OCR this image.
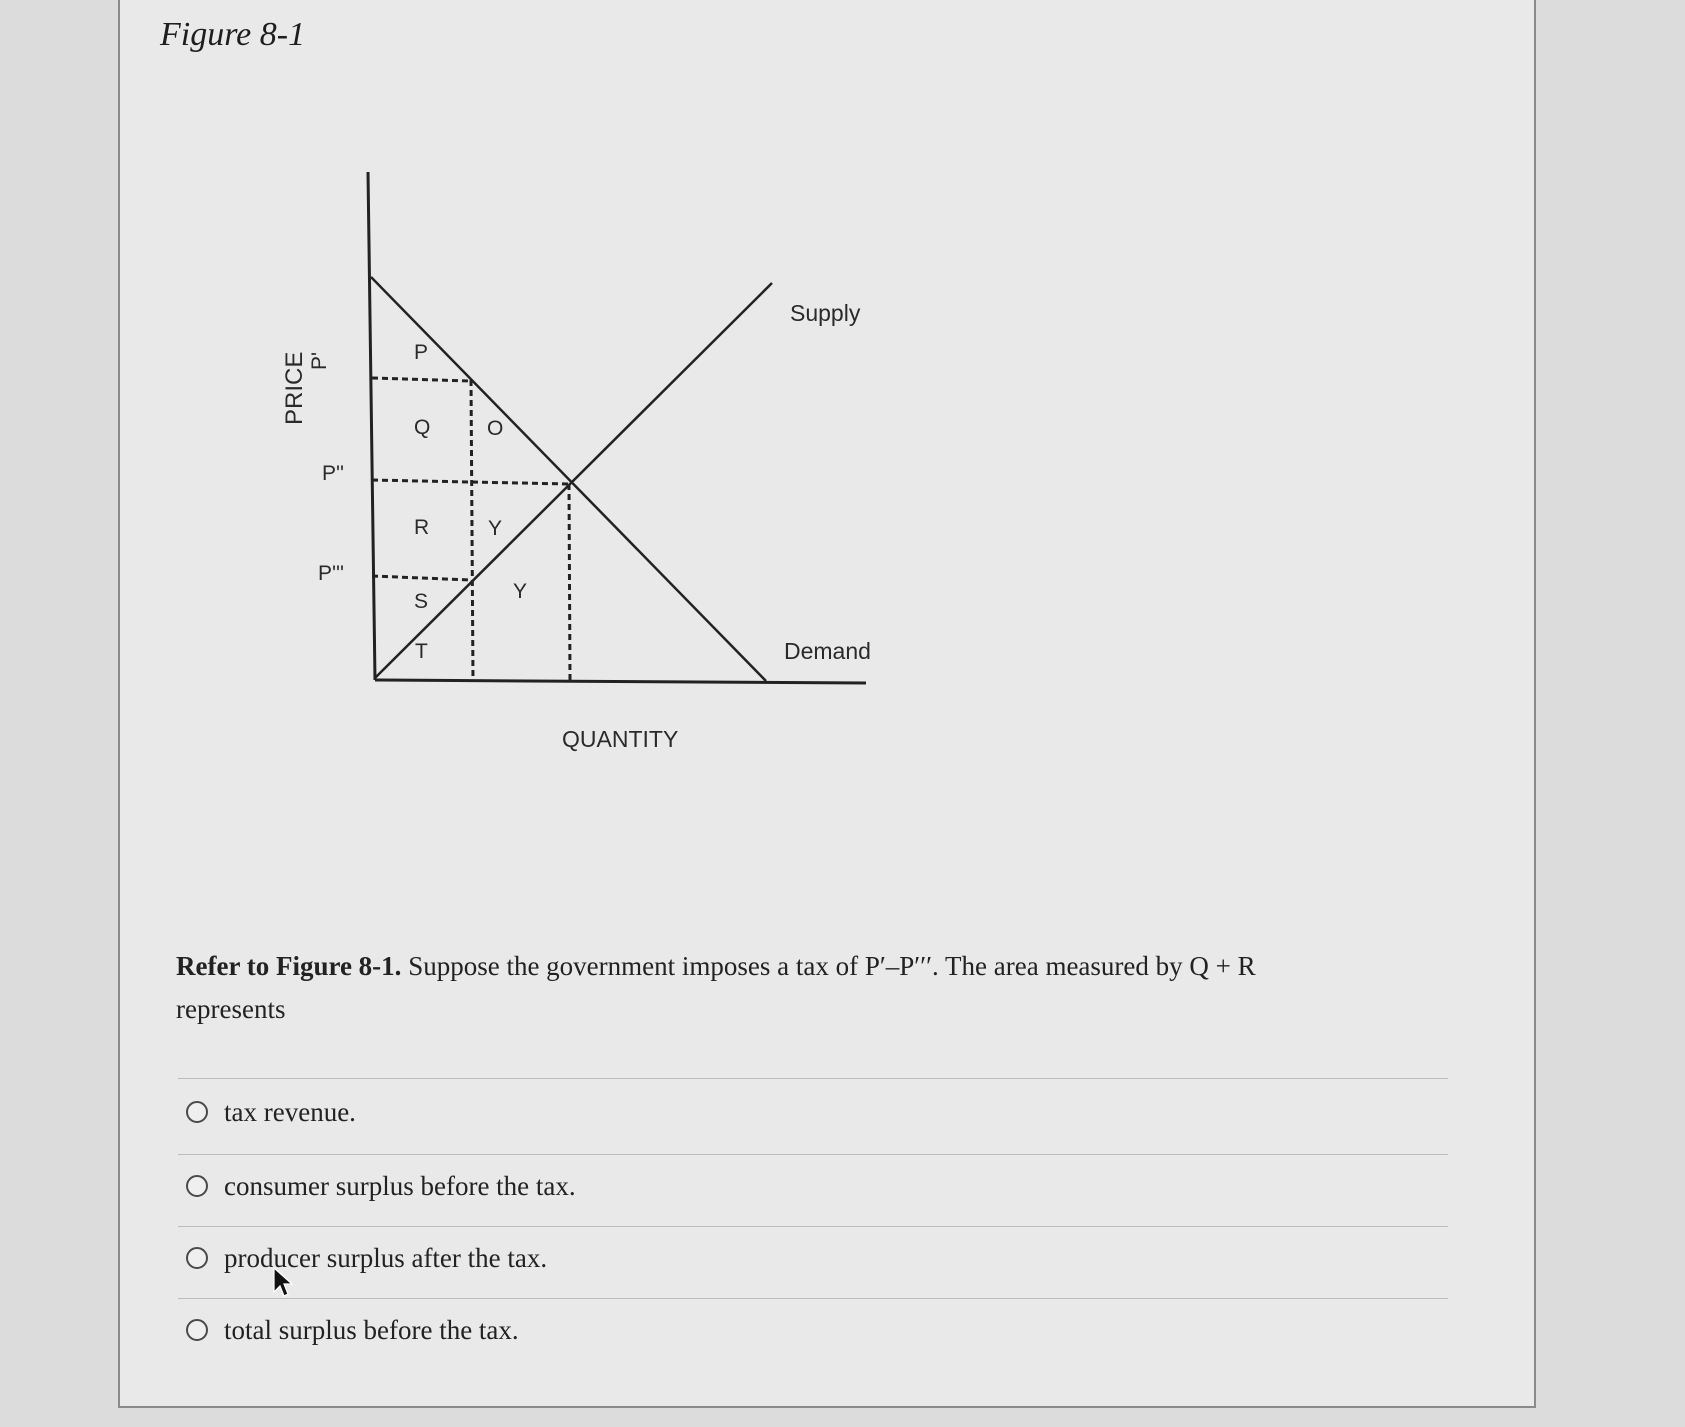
Figure 8-1
PRICE
QUANTITY
P'
P''
P'''
Supply
Demand
P
Q	O
R	Y
S	Y
T
Refer to Figure 8-1. Suppose the government imposes a tax of P′–P′′′. The area measured by Q + R represents
tax revenue.
consumer surplus before the tax.
producer surplus after the tax.
total surplus before the tax.
